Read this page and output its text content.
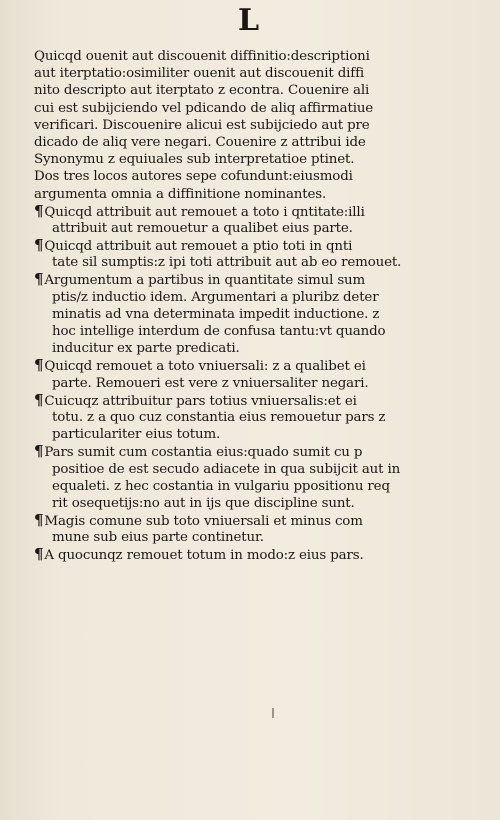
L
Quicqd ouenit aut discouenit diffinitio:descriptioni
aut iterptatio:osimiliter ouenit aut discouenit diffi
nito descripto aut iterptato z econtra. Couenire ali
cui est subijciendo vel pdicando de aliq affirmatiue
verificari. Discouenire alicui est subijciedo aut pre
dicado de aliq vere negari. Couenire z attribui ide
Synonymu z equiuales sub interpretatioe ptinet.
Dos tres locos autores sepe cofundunt:eiusmodi
argumenta omnia a diffinitione nominantes.
¶Quicqd attribuit aut remouet a toto i qntitate:illi
attribuit aut remouetur a qualibet eius parte.
¶Quicqd attribuit aut remouet a ptio toti in qnti
tate sil sumptis:z ipi toti attribuit aut ab eo remouet.
¶Argumentum a partibus in quantitate simul sum
ptis/z inductio idem. Argumentari a pluribz deter
minatis ad vna determinata impedit inductione. z
hoc intellige interdum de confusa tantu:vt quando
inducitur ex parte predicati.
¶Quicqd remouet a toto vniuersali: z a qualibet ei
parte. Remoueri est vere z vniuersaliter negari.
¶Cuicuqz attribuitur pars totius vniuersalis:et ei
totu. z a quo cuz constantia eius remouetur pars z
particulariter eius totum.
¶Pars sumit cum costantia eius:quado sumit cu p
positioe de est secudo adiacete in qua subijcit aut in
equaleti. z hec costantia in vulgariu ppositionu req
rit osequetijs:no aut in ijs que discipline sunt.
¶Magis comune sub toto vniuersali et minus com
mune sub eius parte continetur.
¶A quocunqz remouet totum in modo:z eius pars.
